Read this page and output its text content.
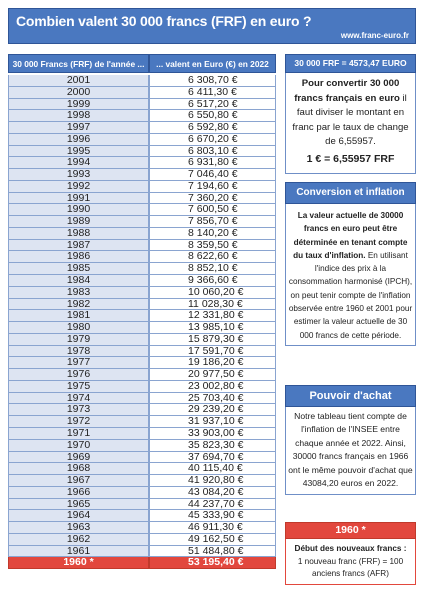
Combien valent 30 000 francs (FRF) en euro ?
www.franc-euro.fr
30 000 Francs (FRF) de l'année ...	... valent en Euro (€) en 2022
2001	6 308,70 €
2000	6 411,30 €
1999	6 517,20 €
1998	6 550,80 €
1997	6 592,80 €
1996	6 670,20 €
1995	6 803,10 €
1994	6 931,80 €
1993	7 046,40 €
1992	7 194,60 €
1991	7 360,20 €
1990	7 600,50 €
1989	7 856,70 €
1988	8 140,20 €
1987	8 359,50 €
1986	8 622,60 €
1985	8 852,10 €
1984	9 366,60 €
1983	10 060,20 €
1982	11 028,30 €
1981	12 331,80 €
1980	13 985,10 €
1979	15 879,30 €
1978	17 591,70 €
1977	19 186,20 €
1976	20 977,50 €
1975	23 002,80 €
1974	25 703,40 €
1973	29 239,20 €
1972	31 937,10 €
1971	33 903,00 €
1970	35 823,30 €
1969	37 694,70 €
1968	40 115,40 €
1967	41 920,80 €
1966	43 084,20 €
1965	44 237,70 €
1964	45 333,90 €
1963	46 911,30 €
1962	49 162,50 €
1961	51 484,80 €
1960 *	53 195,40 €
30 000 FRF = 4573,47 EURO
Pour convertir 30 000 francs français en euro il faut diviser le montant en franc par le taux de change de 6,55957.
1 € = 6,55957 FRF
Conversion et inflation
La valeur actuelle de 30000 francs en euro peut être déterminée en tenant compte du taux d'inflation. En utilisant l'indice des prix à la consommation harmonisé (IPCH), on peut tenir compte de l'inflation observée entre 1960 et 2001 pour estimer la valeur actuelle de 30 000 francs de cette période.
Pouvoir d'achat
Notre tableau tient compte de l'inflation de l'INSEE entre chaque année et 2022. Ainsi, 30000 francs français en 1966 ont le même pouvoir d'achat que 43084,20 euros en 2022.
1960 *
Début des nouveaux francs :
1 nouveau franc (FRF) = 100 anciens francs (AFR)
